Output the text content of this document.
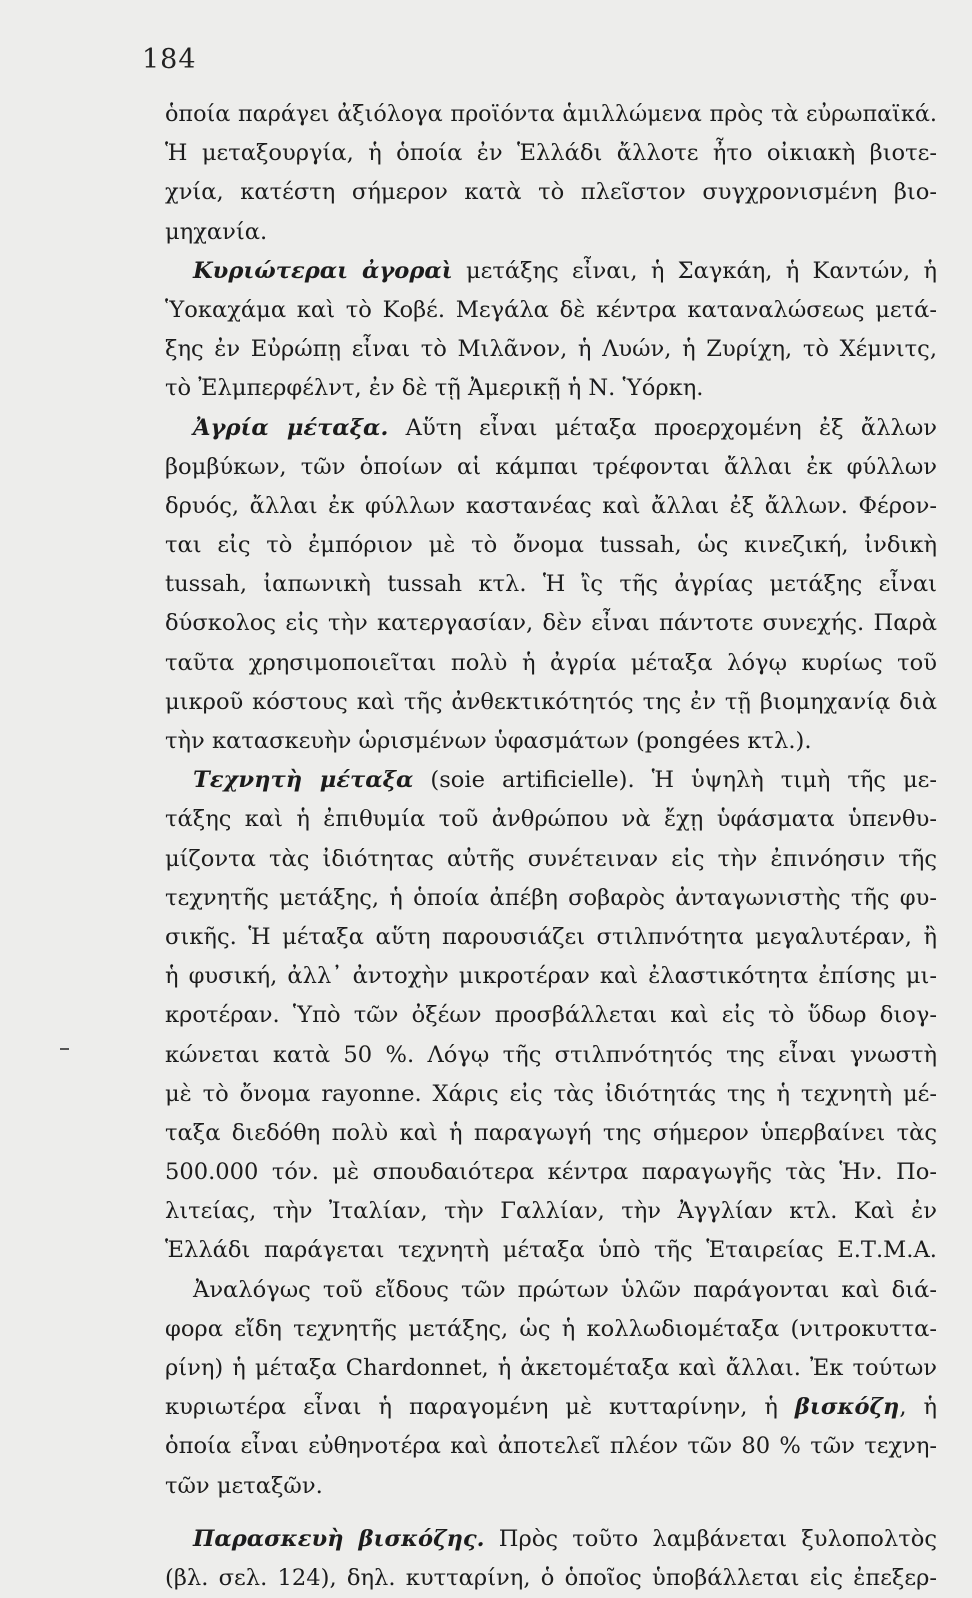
184
ὁποία παράγει ἀξιόλογα προϊόντα ἁμιλλώμενα πρὸς τὰ εὐρωπαϊκά.
Ἡ μεταξουργία, ἡ ὁποία ἐν Ἑλλάδι ἄλλοτε ἦτο οἰκιακὴ βιοτε-
χνία, κατέστη σήμερον κατὰ τὸ πλεῖστον συγχρονισμένη βιο-
μηχανία.
Κυριώτεραι ἀγοραὶ μετάξης εἶναι, ἡ Σαγκάη, ἡ Καντών, ἡ
Ὑοκαχάμα καὶ τὸ Κοβέ. Μεγάλα δὲ κέντρα καταναλώσεως μετά-
ξης ἐν Εὐρώπῃ εἶναι τὸ Μιλᾶνον, ἡ Λυών, ἡ Ζυρίχη, τὸ Χέμνιτς,
τὸ Ἐλμπερφέλντ, ἐν δὲ τῇ Ἀμερικῇ ἡ Ν. Ὑόρκη.
Ἀγρία μέταξα. Αὕτη εἶναι μέταξα προερχομένη ἐξ ἄλλων
βομβύκων, τῶν ὁποίων αἱ κάμπαι τρέφονται ἄλλαι ἐκ φύλλων
δρυός, ἄλλαι ἐκ φύλλων καστανέας καὶ ἄλλαι ἐξ ἄλλων. Φέρον-
ται εἰς τὸ ἐμπόριον μὲ τὸ ὄνομα tussah, ὡς κινεζική, ἰνδικὴ
tussah, ἰαπωνικὴ tussah κτλ. Ἡ ἲς τῆς ἀγρίας μετάξης εἶναι
δύσκολος εἰς τὴν κατεργασίαν, δὲν εἶναι πάντοτε συνεχής. Παρὰ
ταῦτα χρησιμοποιεῖται πολὺ ἡ ἀγρία μέταξα λόγῳ κυρίως τοῦ
μικροῦ κόστους καὶ τῆς ἀνθεκτικότητός της ἐν τῇ βιομηχανίᾳ διὰ
τὴν κατασκευὴν ὡρισμένων ὑφασμάτων (pongées κτλ.).
Τεχνητὴ μέταξα (soie artificielle). Ἡ ὑψηλὴ τιμὴ τῆς με-
τάξης καὶ ἡ ἐπιθυμία τοῦ ἀνθρώπου νὰ ἔχῃ ὑφάσματα ὑπενθυ-
μίζοντα τὰς ἰδιότητας αὐτῆς συνέτειναν εἰς τὴν ἐπινόησιν τῆς
τεχνητῆς μετάξης, ἡ ὁποία ἀπέβη σοβαρὸς ἀνταγωνιστὴς τῆς φυ-
σικῆς. Ἡ μέταξα αὕτη παρουσιάζει στιλπνότητα μεγαλυτέραν, ἢ
ἡ φυσική, ἀλλ᾽ ἀντοχὴν μικροτέραν καὶ ἐλαστικότητα ἐπίσης μι-
κροτέραν. Ὑπὸ τῶν ὀξέων προσβάλλεται καὶ εἰς τὸ ὕδωρ διογ-
κώνεται κατὰ 50 %. Λόγῳ τῆς στιλπνότητός της εἶναι γνωστὴ
μὲ τὸ ὄνομα rayonne. Χάρις εἰς τὰς ἰδιότητάς της ἡ τεχνητὴ μέ-
ταξα διεδόθη πολὺ καὶ ἡ παραγωγή της σήμερον ὑπερβαίνει τὰς
500.000 τόν. μὲ σπουδαιότερα κέντρα παραγωγῆς τὰς Ἡν. Πο-
λιτείας, τὴν Ἰταλίαν, τὴν Γαλλίαν, τὴν Ἀγγλίαν κτλ. Καὶ ἐν
Ἑλλάδι παράγεται τεχνητὴ μέταξα ὑπὸ τῆς Ἑταιρείας Ε.Τ.Μ.Α.
Ἀναλόγως τοῦ εἴδους τῶν πρώτων ὑλῶν παράγονται καὶ διά-
φορα εἴδη τεχνητῆς μετάξης, ὡς ἡ κολλωδιομέταξα (νιτροκυττα-
ρίνη) ἡ μέταξα Chardonnet, ἡ ἀκετομέταξα καὶ ἄλλαι. Ἐκ τούτων
κυριωτέρα εἶναι ἡ παραγομένη μὲ κυτταρίνην, ἡ βισκόζη, ἡ
ὁποία εἶναι εὐθηνοτέρα καὶ ἀποτελεῖ πλέον τῶν 80 % τῶν τεχνη-
τῶν μεταξῶν.
Παρασκευὴ βισκόζης. Πρὸς τοῦτο λαμβάνεται ξυλοπολτὸς
(βλ. σελ. 124), δηλ. κυτταρίνη, ὁ ὁποῖος ὑποβάλλεται εἰς ἐπεξερ-
